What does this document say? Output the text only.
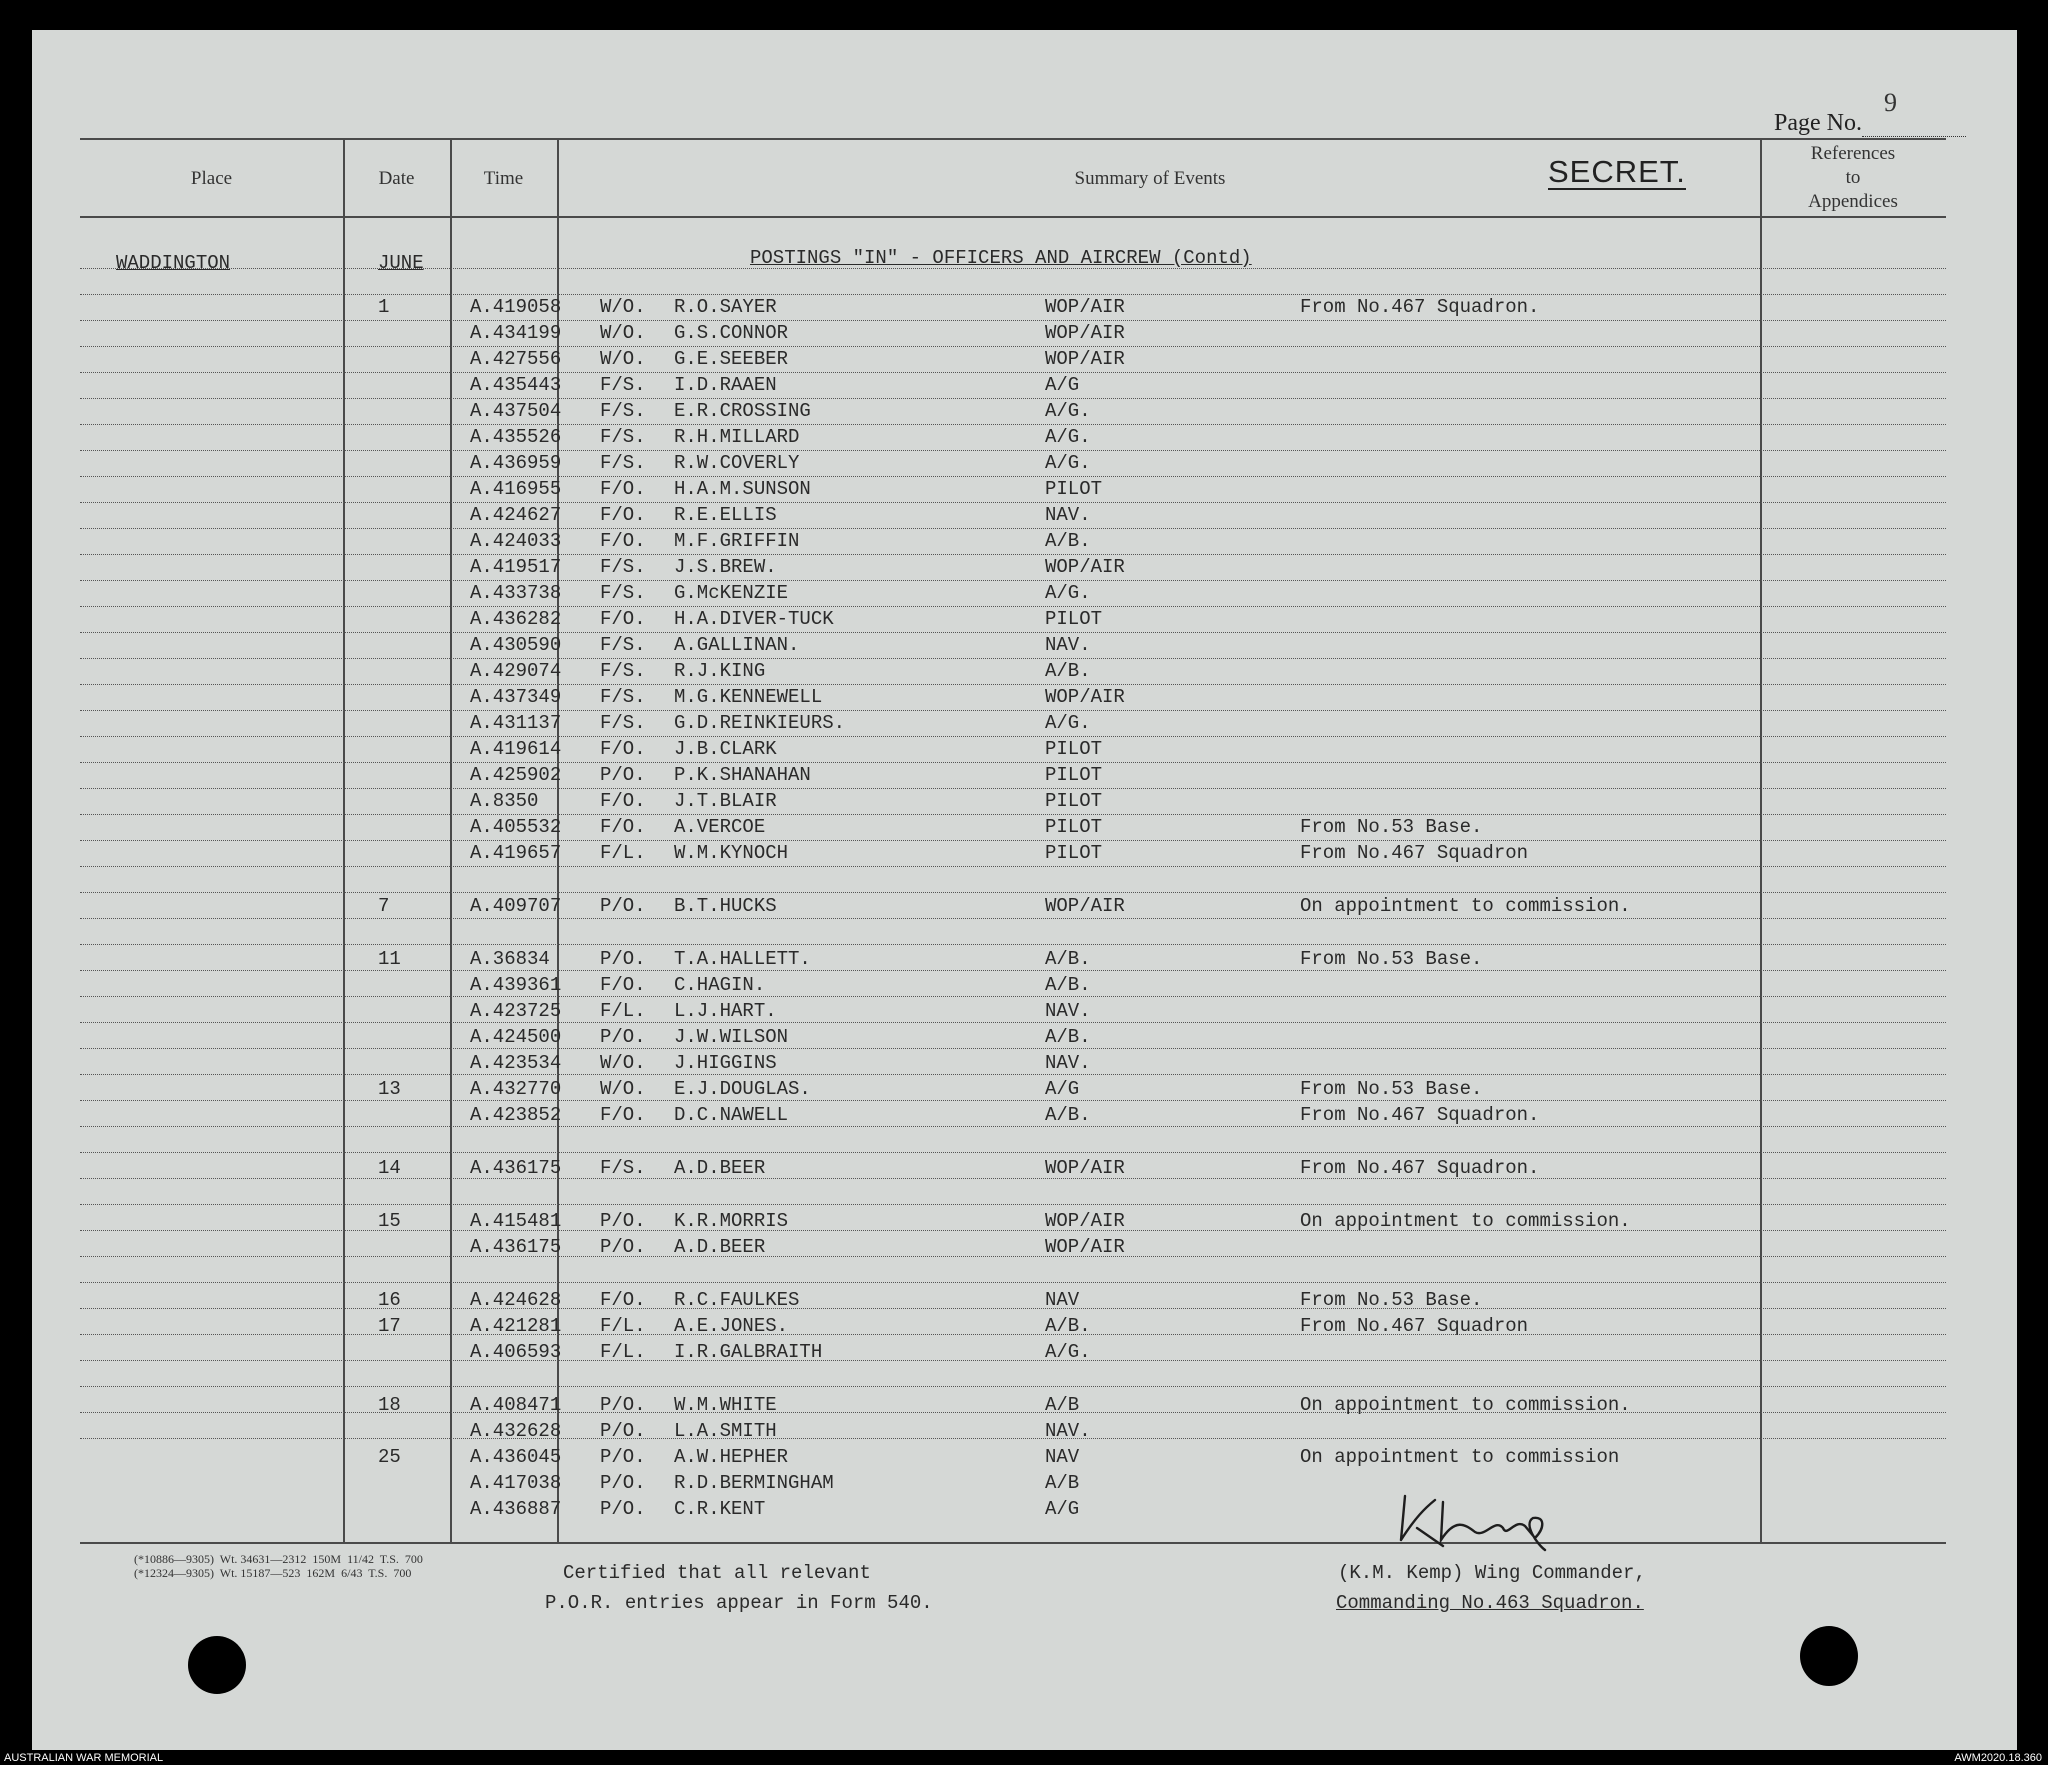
Page No.
9
Place	Date	Time	Summary of Events	SECRET.
References
to
Appendices
WADDINGTON	JUNE	POSTINGS "IN" - OFFICERS AND AIRCREW (Contd)
1	A.419058 W/O. R.O.SAYER	WOP/AIR	From No.467 Squadron.
A.434199 W/O. G.S.CONNOR	WOP/AIR
A.427556 W/O. G.E.SEEBER	WOP/AIR
A.435443 F/S. I.D.RAAEN	A/G
A.437504 F/S. E.R.CROSSING	A/G.
A.435526 F/S. R.H.MILLARD	A/G.
A.436959 F/S. R.W.COVERLY	A/G.
A.416955 F/O. H.A.M.SUNSON	PILOT
A.424627 F/O. R.E.ELLIS	NAV.
A.424033 F/O. M.F.GRIFFIN	A/B.
A.419517 F/S. J.S.BREW.	WOP/AIR
A.433738 F/S. G.McKENZIE	A/G.
A.436282 F/O. H.A.DIVER-TUCK	PILOT
A.430590 F/S. A.GALLINAN.	NAV.
A.429074 F/S. R.J.KING	A/B.
A.437349 F/S. M.G.KENNEWELL	WOP/AIR
A.431137 F/S. G.D.REINKIEURS.	A/G.
A.419614 F/O. J.B.CLARK	PILOT
A.425902 P/O. P.K.SHANAHAN	PILOT
A.8350	F/O. J.T.BLAIR	PILOT
A.405532 F/O. A.VERCOE	PILOT	From No.53 Base.
A.419657 F/L. W.M.KYNOCH	PILOT	From No.467 Squadron
7	A.409707 P/O. B.T.HUCKS	WOP/AIR	On appointment to commission.
11	A.36834	P/O. T.A.HALLETT.	A/B.	From No.53 Base.
A.439361 F/O. C.HAGIN.	A/B.
A.423725 F/L. L.J.HART.	NAV.
A.424500 P/O. J.W.WILSON	A/B.
A.423534 W/O. J.HIGGINS	NAV.
13	A.432770 W/O. E.J.DOUGLAS.	A/G	From No.53 Base.
A.423852 F/O. D.C.NAWELL	A/B.	From No.467 Squadron.
14	A.436175 F/S. A.D.BEER	WOP/AIR	From No.467 Squadron.
15	A.415481 P/O. K.R.MORRIS	WOP/AIR	On appointment to commission.
A.436175 P/O. A.D.BEER	WOP/AIR
16	A.424628 F/O. R.C.FAULKES	NAV	From No.53 Base.
17	A.421281 F/L. A.E.JONES.	A/B.	From No.467 Squadron
A.406593 F/L. I.R.GALBRAITH	A/G.
18	A.408471 P/O. W.M.WHITE	A/B	On appointment to commission.
A.432628 P/O. L.A.SMITH	NAV.
25	A.436045 P/O. A.W.HEPHER	NAV	On appointment to commission
A.417038 P/O. R.D.BERMINGHAM	A/B
A.436887 P/O. C.R.KENT	A/G
(*10886—9305)  Wt. 34631—2312  150M  11/42  T.S.  700
(*12324—9305)  Wt. 15187—523  162M  6/43  T.S.  700	Certified that all relevant
P.O.R. entries appear in Form 540.
(K.M. Kemp) Wing Commander,
Commanding No.463 Squadron.
AUSTRALIAN WAR MEMORIAL	AWM2020.18.360
